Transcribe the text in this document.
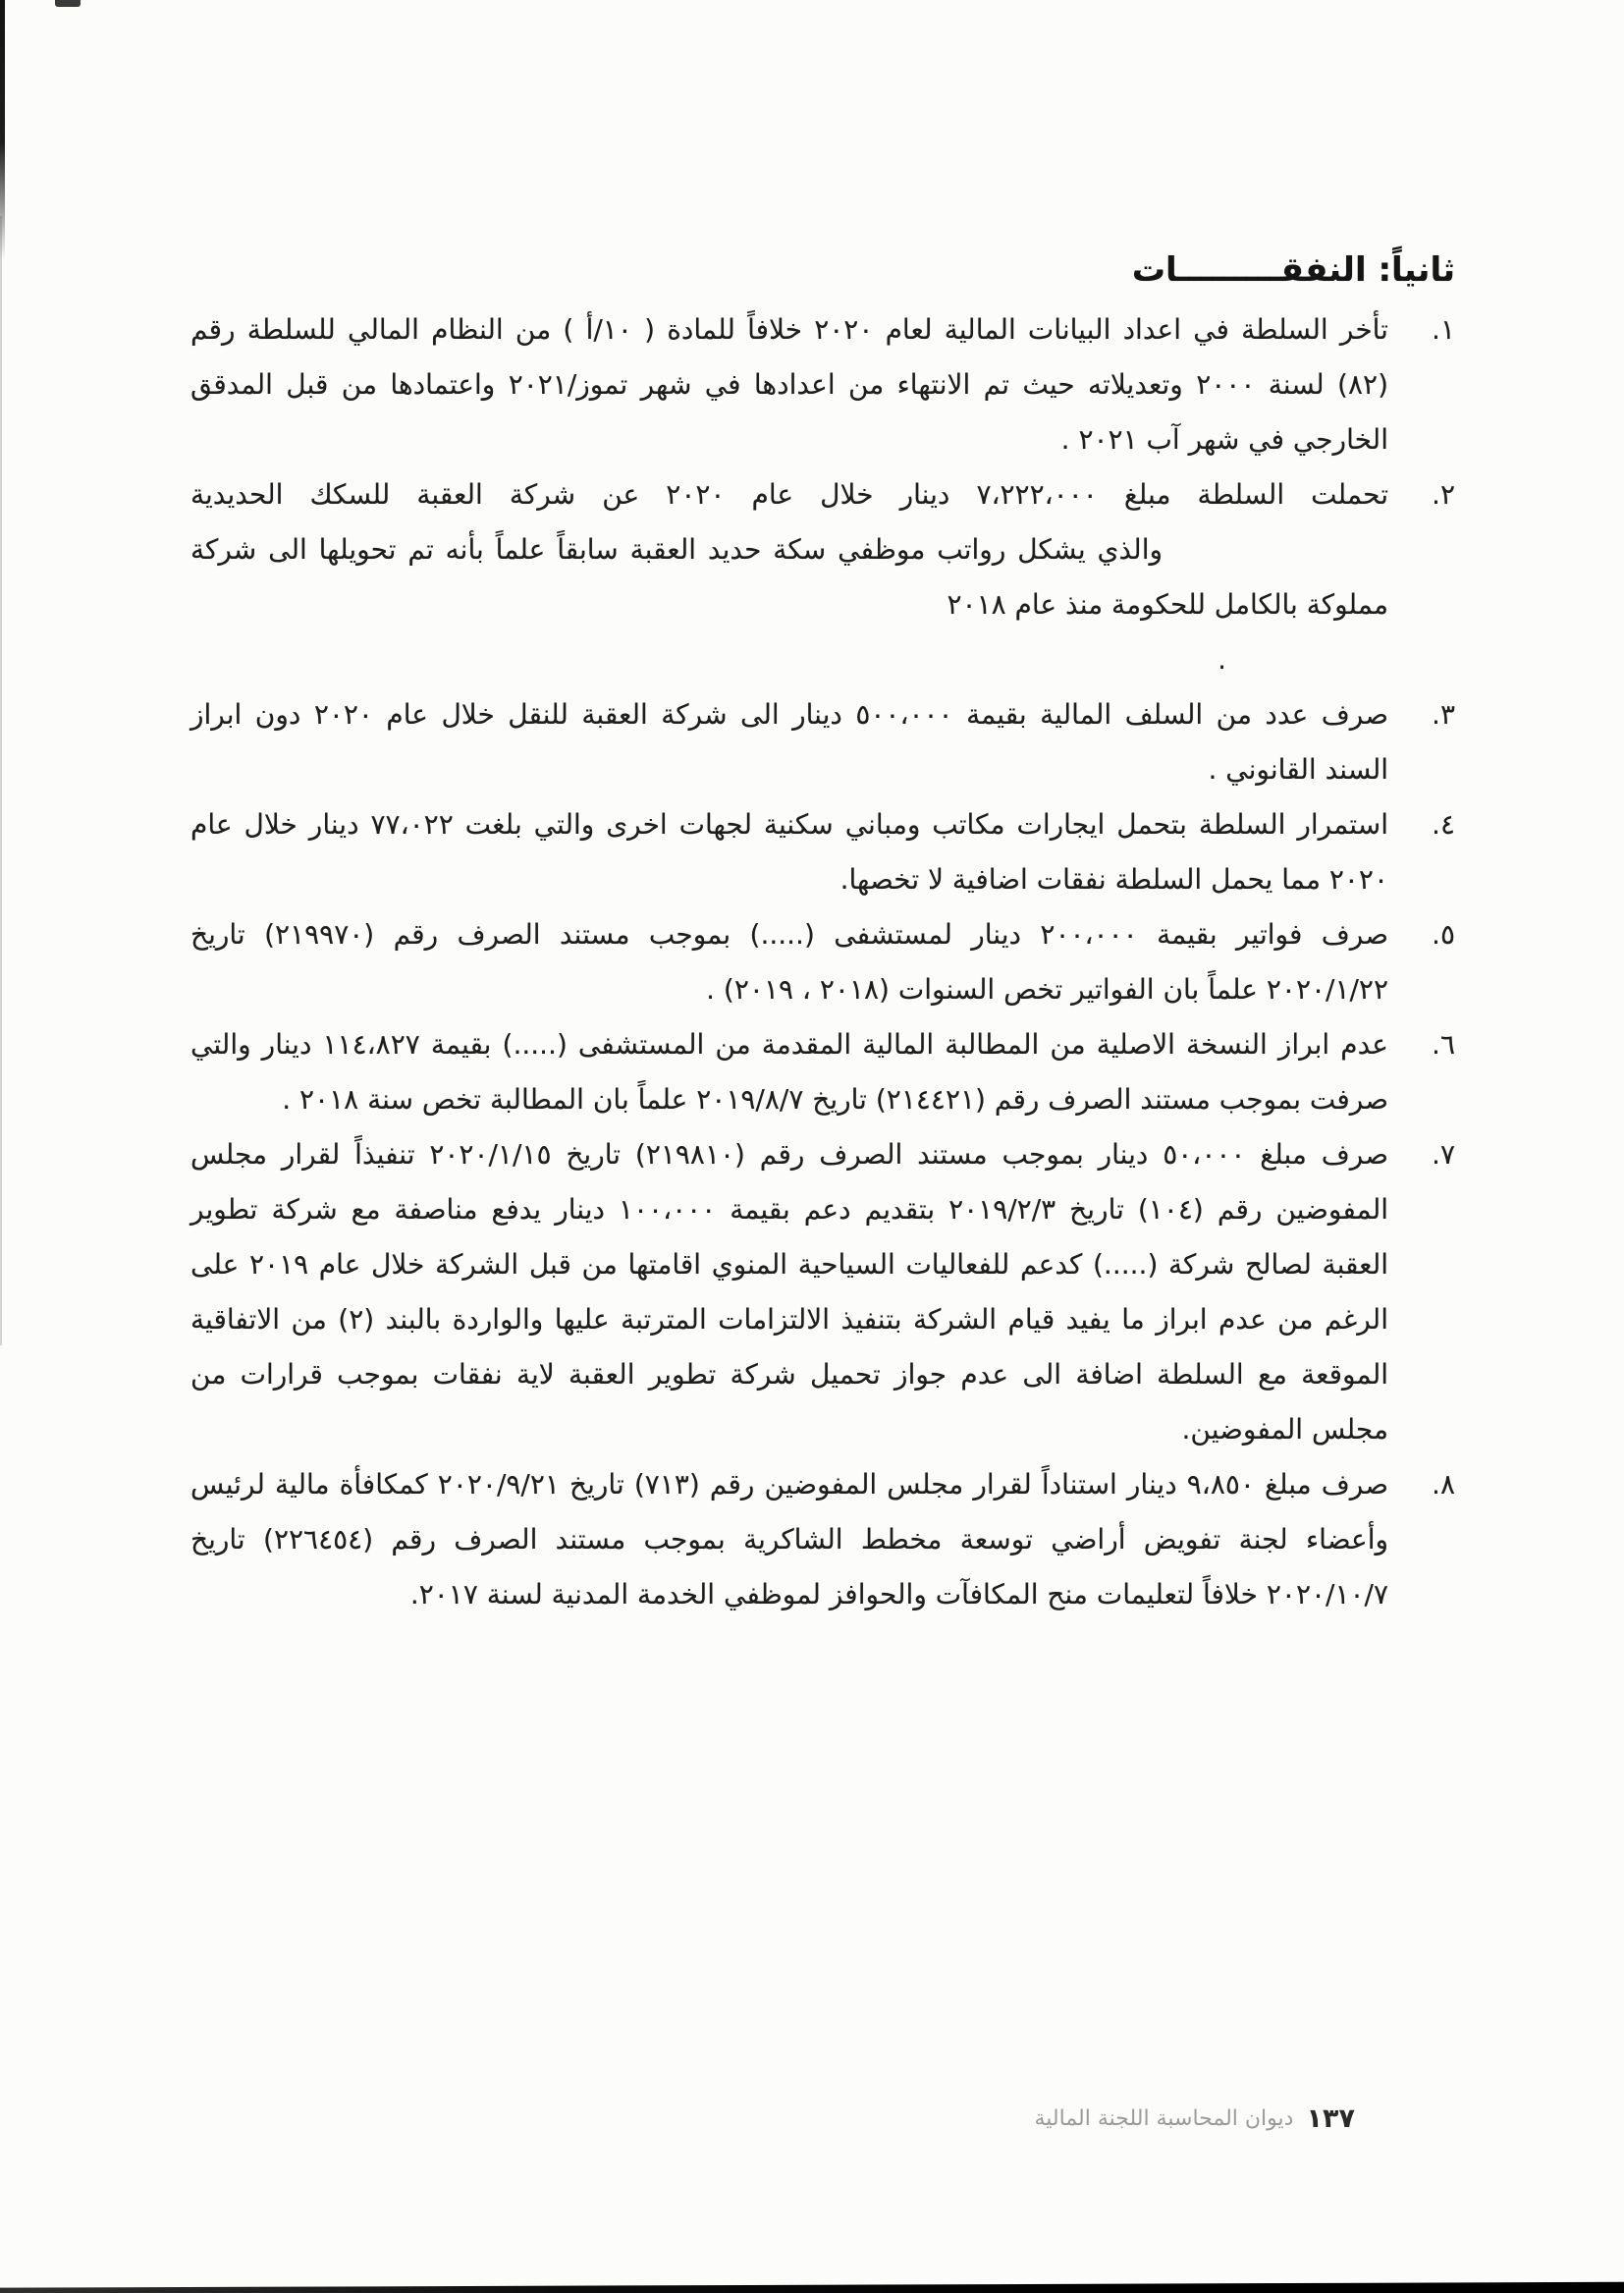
ثانياً: النفقـــــــــات
١.

تأخر السلطة في اعداد البيانات المالية لعام ٢٠٢٠ خلافاً للمادة ( ١٠/أ ) من النظام المالي للسلطة رقم (٨٢) لسنة ٢٠٠٠ وتعديلاته حيث تم الانتهاء من اعدادها في شهر تموز/٢٠٢١ واعتمادها من قبل المدقق الخارجي في شهر آب ٢٠٢١ .

٢.

تحملت السلطة مبلغ ٧،٢٢٢،٠٠٠ دينار خلال عام ٢٠٢٠ عن شركة العقبة للسكك الحديدية والذي يشكل رواتب موظفي سكة حديد العقبة سابقاً علماً بأنه تم تحويلها الى شركة مملوكة بالكامل للحكومة منذ عام ٢٠١٨

.

٣.

صرف عدد من السلف المالية بقيمة ٥٠٠،٠٠٠ دينار الى شركة العقبة للنقل خلال عام ٢٠٢٠ دون ابراز السند القانوني .

٤.

استمرار السلطة بتحمل ايجارات مكاتب ومباني سكنية لجهات اخرى والتي بلغت ٧٧،٠٢٢ دينار خلال عام ٢٠٢٠ مما يحمل السلطة نفقات اضافية لا تخصها.

٥.

صرف فواتير بقيمة ٢٠٠،٠٠٠ دينار لمستشفى (.....) بموجب مستند الصرف رقم (٢١٩٩٧٠) تاريخ ٢٠٢٠/١/٢٢ علماً بان الفواتير تخص السنوات (٢٠١٨ ، ٢٠١٩) .

٦.

عدم ابراز النسخة الاصلية من المطالبة المالية المقدمة من المستشفى (.....) بقيمة ١١٤،٨٢٧ دينار والتي صرفت بموجب مستند الصرف رقم (٢١٤٤٢١) تاريخ ٢٠١٩/٨/٧ علماً بان المطالبة تخص سنة ٢٠١٨ .

٧.

صرف مبلغ ٥٠،٠٠٠ دينار بموجب مستند الصرف رقم (٢١٩٨١٠) تاريخ ٢٠٢٠/١/١٥ تنفيذاً لقرار مجلس المفوضين رقم (١٠٤) تاريخ ٢٠١٩/٢/٣ بتقديم دعم بقيمة ١٠٠،٠٠٠ دينار يدفع مناصفة مع شركة تطوير العقبة لصالح شركة (.....) كدعم للفعاليات السياحية المنوي اقامتها من قبل الشركة خلال عام ٢٠١٩ على الرغم من عدم ابراز ما يفيد قيام الشركة بتنفيذ الالتزامات المترتبة عليها والواردة بالبند (٢) من الاتفاقية الموقعة مع السلطة اضافة الى عدم جواز تحميل شركة تطوير العقبة لاية نفقات بموجب قرارات من مجلس المفوضين.

٨.

صرف مبلغ ٩،٨٥٠ دينار استناداً لقرار مجلس المفوضين رقم (٧١٣) تاريخ ٢٠٢٠/٩/٢١ كمكافأة مالية لرئيس وأعضاء لجنة تفويض أراضي توسعة مخطط الشاكرية بموجب مستند الصرف رقم (٢٢٦٤٥٤) تاريخ ٢٠٢٠/١٠/٧ خلافاً لتعليمات منح المكافآت والحوافز لموظفي الخدمة المدنية لسنة ٢٠١٧.

١٣٧ ديوان المحاسبة اللجنة المالية
